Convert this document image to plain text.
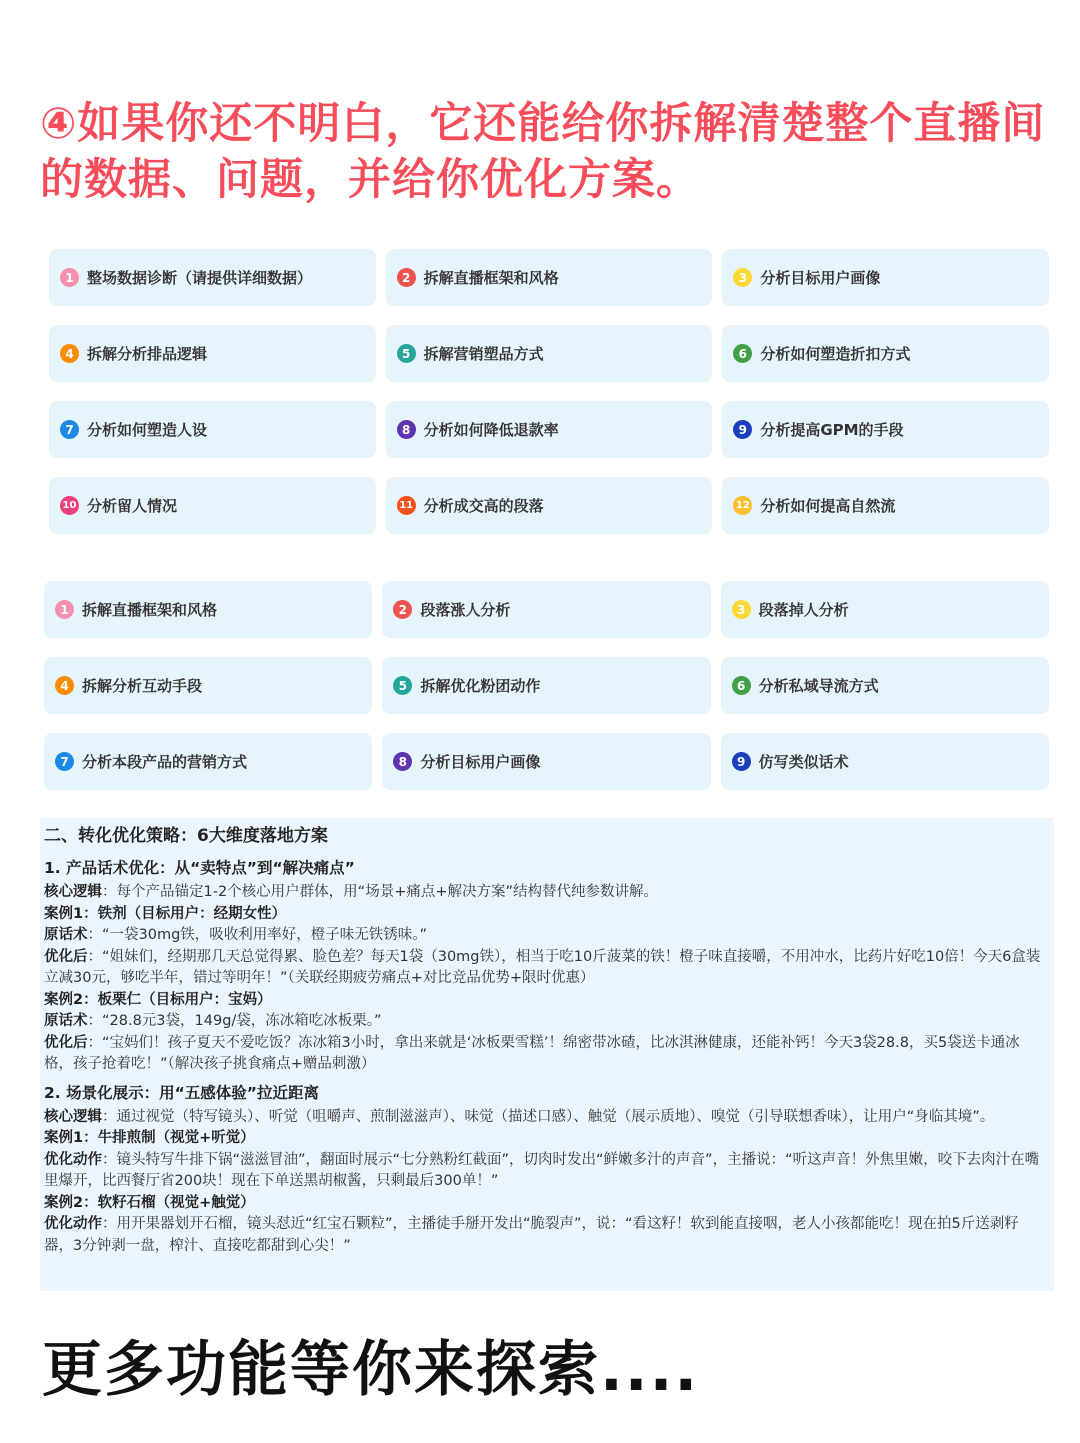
④如果你还不明白，它还能给你拆解清楚整个直播间的数据、问题，并给你优化方案。
1 整场数据诊断（请提供详细数据）	2 拆解直播框架和风格	3 分析目标用户画像
4 拆解分析排品逻辑	5 拆解营销塑品方式	6 分析如何塑造折扣方式
7 分析如何塑造人设	8 分析如何降低退款率	9 分析提高GPM的手段
10 分析留人情况	11 分析成交高的段落	12 分析如何提高自然流
1 拆解直播框架和风格	2 段落涨人分析	3 段落掉人分析
4 拆解分析互动手段	5 拆解优化粉团动作	6 分析私域导流方式
7 分析本段产品的营销方式	8 分析目标用户画像	9 仿写类似话术

二、转化优化策略：6大维度落地方案

1. 产品话术优化：从“卖特点”到“解决痛点”

核心逻辑：每个产品锚定1-2个核心用户群体，用“场景+痛点+解决方案”结构替代纯参数讲解。

案例1：铁剂（目标用户：经期女性）

原话术：“一袋30mg铁，吸收利用率好，橙子味无铁锈味。”

优化后：“姐妹们，经期那几天总觉得累、脸色差？每天1袋（30mg铁），相当于吃10斤菠菜的铁！橙子味直接嚼，不用冲水，比药片好吃10倍！今天6盒装立减30元，够吃半年，错过等明年！”（关联经期疲劳痛点+对比竞品优势+限时优惠）

案例2：板栗仁（目标用户：宝妈）

原话术：“28.8元3袋，149g/袋，冻冰箱吃冰板栗。”

优化后：“宝妈们！孩子夏天不爱吃饭？冻冰箱3小时，拿出来就是‘冰板栗雪糕’！绵密带冰碴，比冰淇淋健康，还能补钙！今天3袋28.8，买5袋送卡通冰格，孩子抢着吃！”（解决孩子挑食痛点+赠品刺激）

2. 场景化展示：用“五感体验”拉近距离

核心逻辑：通过视觉（特写镜头）、听觉（咀嚼声、煎制滋滋声）、味觉（描述口感）、触觉（展示质地）、嗅觉（引导联想香味），让用户“身临其境”。

案例1：牛排煎制（视觉+听觉）

优化动作：镜头特写牛排下锅“滋滋冒油”，翻面时展示“七分熟粉红截面”，切肉时发出“鲜嫩多汁的声音”，主播说：“听这声音！外焦里嫩，咬下去肉汁在嘴里爆开，比西餐厅省200块！现在下单送黑胡椒酱，只剩最后300单！”

案例2：软籽石榴（视觉+触觉）

优化动作：用开果器划开石榴，镜头怼近“红宝石颗粒”，主播徒手掰开发出“脆裂声”，说：“看这籽！软到能直接咽，老人小孩都能吃！现在拍5斤送剥籽器，3分钟剥一盘，榨汁、直接吃都甜到心尖！”

更多功能等你来探索....
